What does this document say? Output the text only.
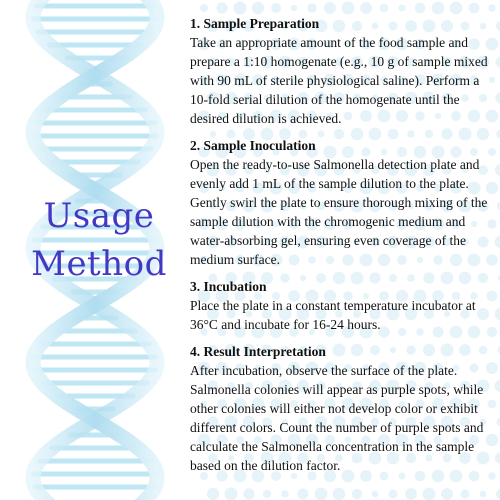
Usage
Method
1. Sample Preparation

Take an appropriate amount of the food sample and prepare a 1:10 homogenate (e.g., 10 g of sample mixed with 90 mL of sterile physiological saline). Perform a 10-fold serial dilution of the homogenate until the desired dilution is achieved.

2. Sample Inoculation

Open the ready-to-use Salmonella detection plate and evenly add 1 mL of the sample dilution to the plate. Gently swirl the plate to ensure thorough mixing of the sample dilution with the chromogenic medium and water-absorbing gel, ensuring even coverage of the medium surface.

3. Incubation

Place the plate in a constant temperature incubator at 36°C and incubate for 16-24 hours.

4. Result Interpretation

After incubation, observe the surface of the plate. Salmonella colonies will appear as purple spots, while other colonies will either not develop color or exhibit different colors. Count the number of purple spots and calculate the Salmonella concentration in the sample based on the dilution factor.
